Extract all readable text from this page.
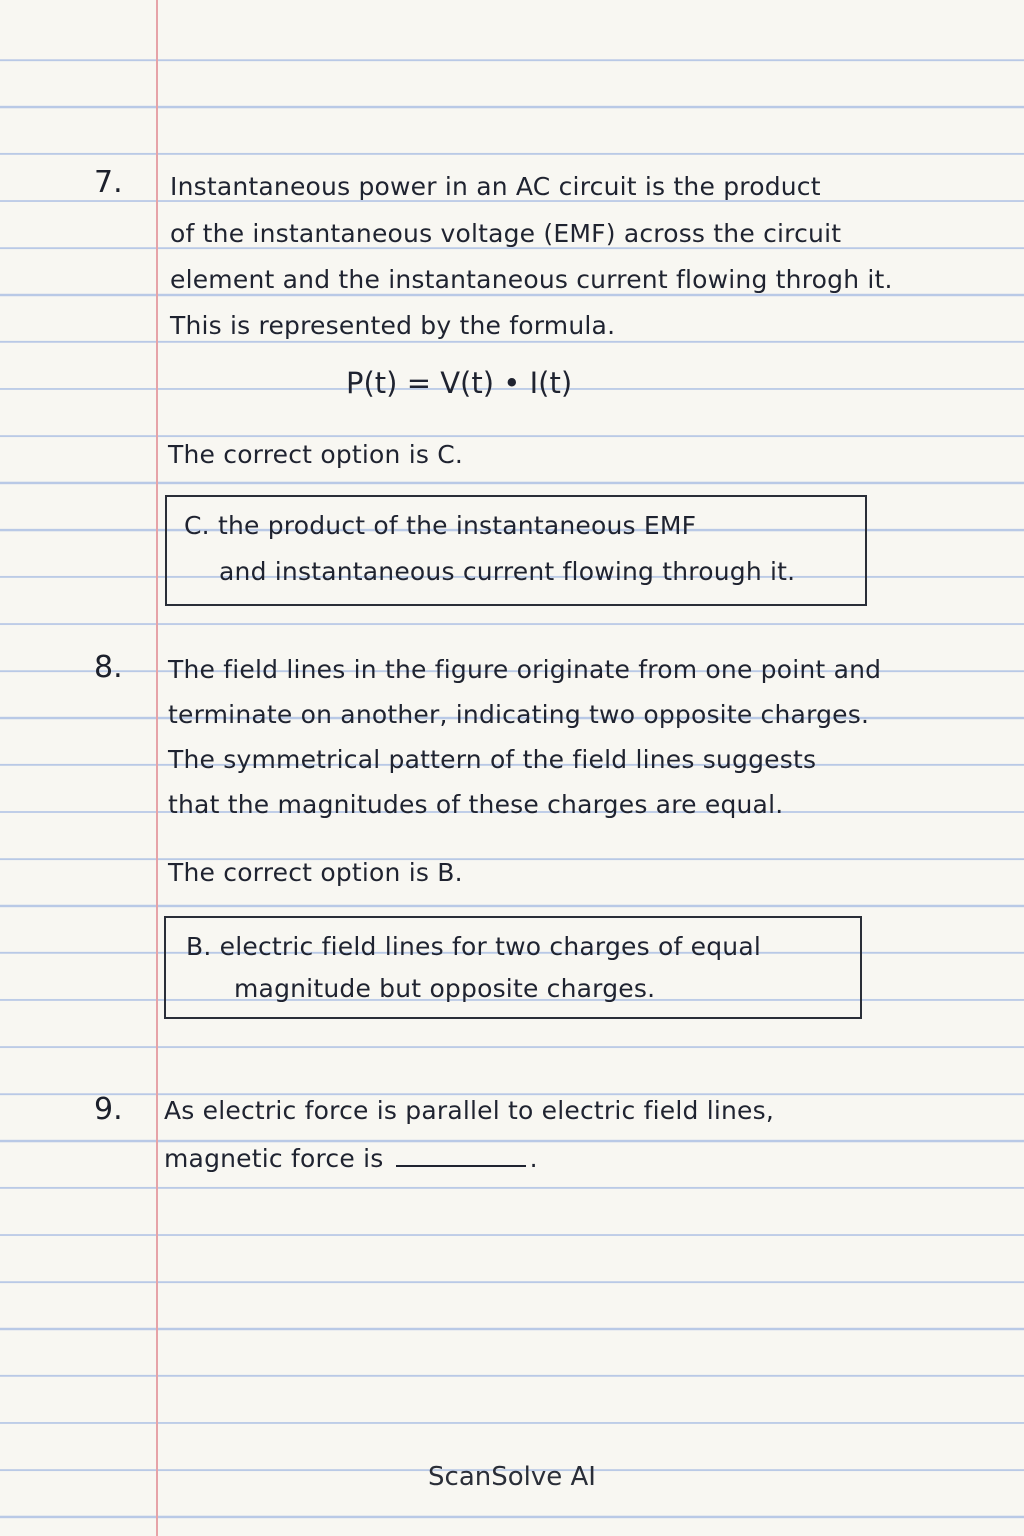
7. Instantaneous power in an AC circuit is the product
of the instantaneous voltage (EMF) across the circuit
element and the instantaneous current flowing throgh it.
This is represented by the formula.
P(t) = V(t) • I(t)
The correct option is C.
C. the product of the instantaneous EMF
and instantaneous current flowing through it.
8. The field lines in the figure originate from one point and
terminate on another, indicating two opposite charges.
The symmetrical pattern of the field lines suggests
that the magnitudes of these charges are equal.
The correct option is B.
B. electric field lines for two charges of equal
magnitude but opposite charges.
9. As electric force is parallel to electric field lines,
magnetic force is	.
ScanSolve AI
